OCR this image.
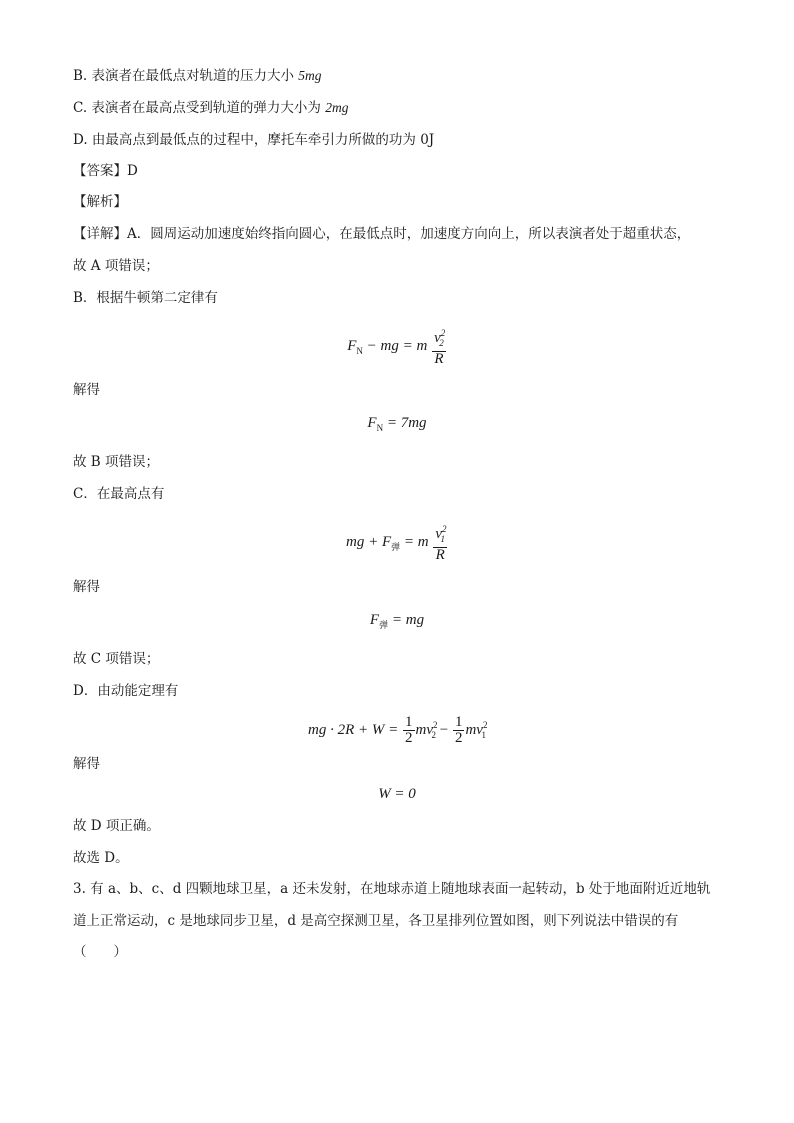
B. 表演者在最低点对轨道的压力大小 5mg
C. 表演者在最高点受到轨道的弹力大小为 2mg
D. 由最高点到最低点的过程中，摩托车牵引力所做的功为 0J
【答案】D
【解析】
【详解】A．圆周运动加速度始终指向圆心，在最低点时，加速度方向向上，所以表演者处于超重状态，
故 A 项错误；
B．根据牛顿第二定律有
$F_N$ − mg = m $\frac{v^2_2}{R}$
解得
$F_N = 7mg$
故 B 项错误；
C．在最高点有
mg + $F_弹 = m \frac{v^2_1}{R}$
解得
$F_弹$ = mg
故 C 项错误；
D．由动能定理有
mg · $2R + W = \frac{1}{2} mv^2_2 - \frac{1}{2} mv^2_1$
解得
W = 0
故 D 项正确。
故选 D。
3. 有 a、b、c、d 四颗地球卫星，a 还未发射，在地球赤道上随地球表面一起转动，b 处于地面附近近地轨
道上正常运动，c 是地球同步卫星，d 是高空探测卫星，各卫星排列位置如图，则下列说法中错误的有
（　　）
